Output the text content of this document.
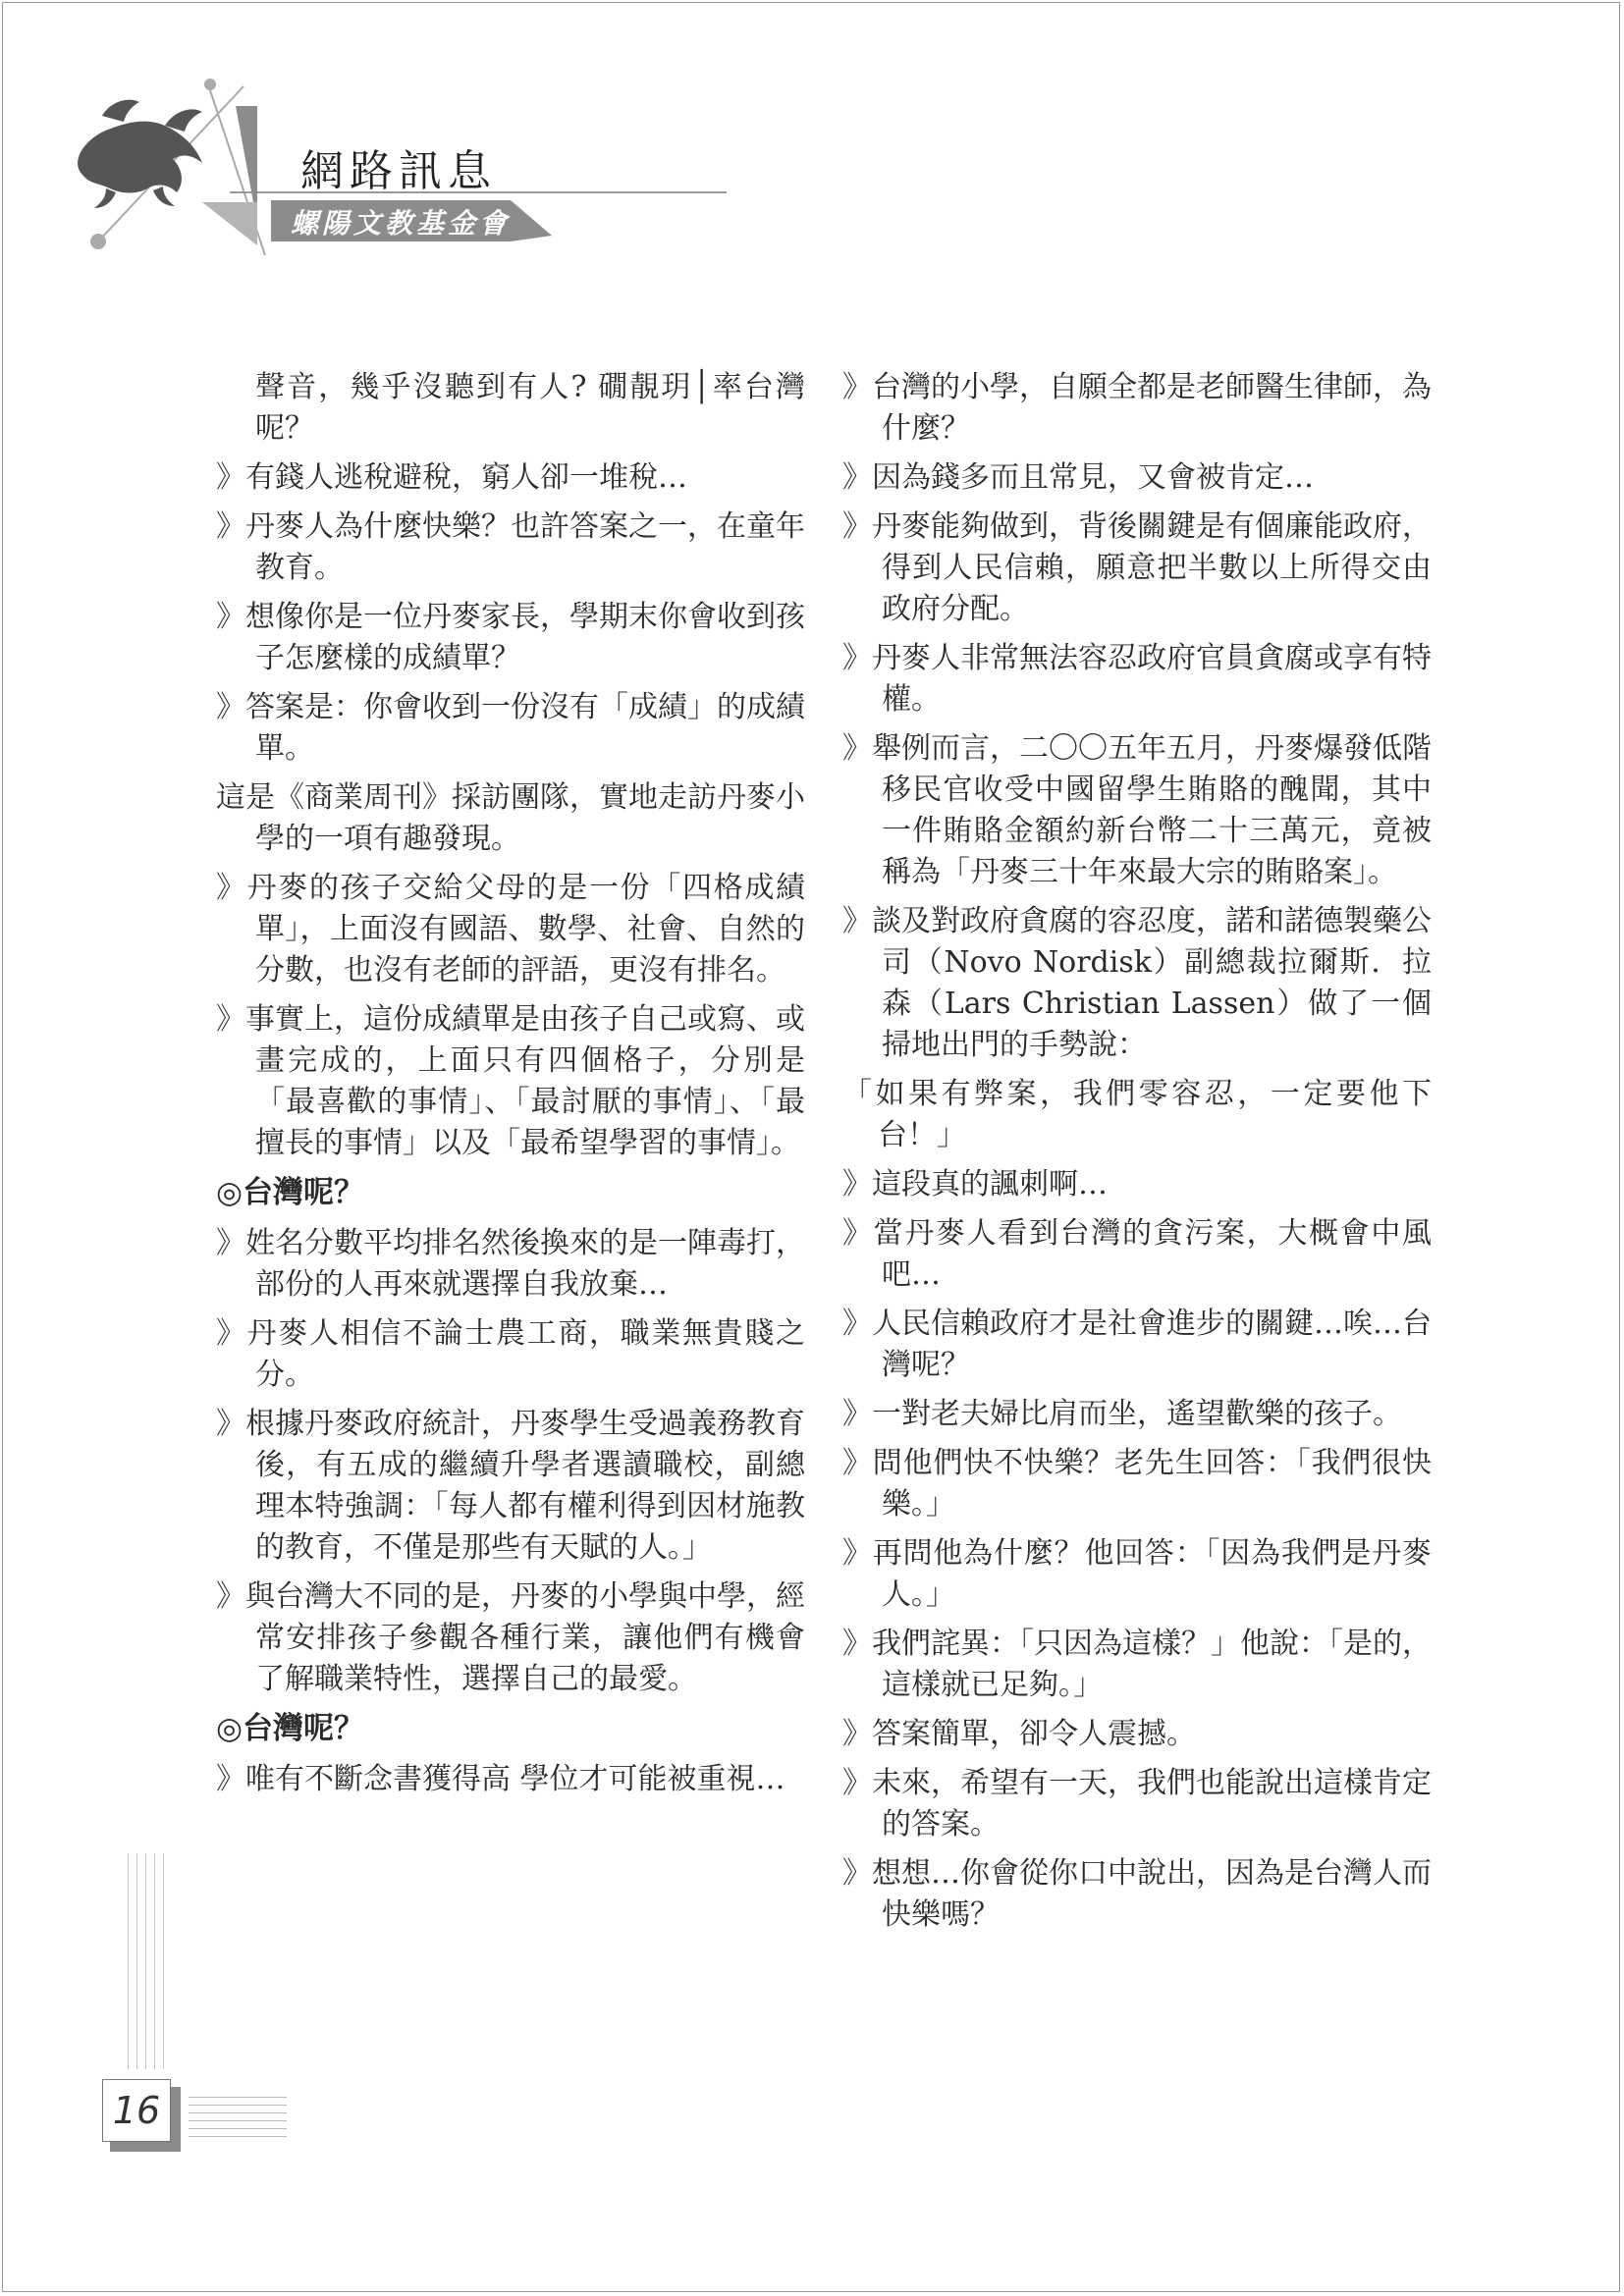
網路訊息
螺陽文教基金會
聲音，幾乎沒聽到有人? 礀靚玥│率台灣呢？
》有錢人逃稅避稅，窮人卻一堆稅…
》丹麥人為什麼快樂？也許答案之一，在童年教育。
》想像你是一位丹麥家長，學期末你會收到孩子怎麼樣的成績單？
》答案是：你會收到一份沒有「成績」的成績單。
這是《商業周刊》採訪團隊，實地走訪丹麥小學的一項有趣發現。
》丹麥的孩子交給父母的是一份「四格成績單」，上面沒有國語、數學、社會、自然的分數，也沒有老師的評語，更沒有排名。
》事實上，這份成績單是由孩子自己或寫、或畫完成的，上面只有四個格子，分別是「最喜歡的事情」、「最討厭的事情」、「最擅長的事情」以及「最希望學習的事情」。
◎台灣呢？
》姓名分數平均排名然後換來的是一陣毒打，部份的人再來就選擇自我放棄…
》丹麥人相信不論士農工商，職業無貴賤之分。
》根據丹麥政府統計，丹麥學生受過義務教育後，有五成的繼續升學者選讀職校，副總理本特強調：「每人都有權利得到因材施教的教育，不僅是那些有天賦的人。」
》與台灣大不同的是，丹麥的小學與中學，經常安排孩子參觀各種行業，讓他們有機會了解職業特性，選擇自己的最愛。
◎台灣呢？
》唯有不斷念書獲得高 學位才可能被重視…
》台灣的小學，自願全都是老師醫生律師，為什麼？
》因為錢多而且常見，又會被肯定…
》丹麥能夠做到，背後關鍵是有個廉能政府，得到人民信賴，願意把半數以上所得交由政府分配。
》丹麥人非常無法容忍政府官員貪腐或享有特權。
》舉例而言，二〇〇五年五月，丹麥爆發低階移民官收受中國留學生賄賂的醜聞，其中一件賄賂金額約新台幣二十三萬元，竟被稱為「丹麥三十年來最大宗的賄賂案」。
》談及對政府貪腐的容忍度，諾和諾德製藥公司（Novo Nordisk）副總裁拉爾斯．拉森（Lars Christian Lassen）做了一個掃地出門的手勢說：
「如果有弊案，我們零容忍，一定要他下台！」
》這段真的諷刺啊…
》當丹麥人看到台灣的貪污案，大概會中風吧…
》人民信賴政府才是社會進步的關鍵…唉…台灣呢？
》一對老夫婦比肩而坐，遙望歡樂的孩子。
》問他們快不快樂？老先生回答：「我們很快樂。」
》再問他為什麼？他回答：「因為我們是丹麥人。」
》我們詫異：「只因為這樣？」他說：「是的，這樣就已足夠。」
》答案簡單，卻令人震撼。
》未來，希望有一天，我們也能說出這樣肯定的答案。
》想想…你會從你口中說出，因為是台灣人而快樂嗎？
16
